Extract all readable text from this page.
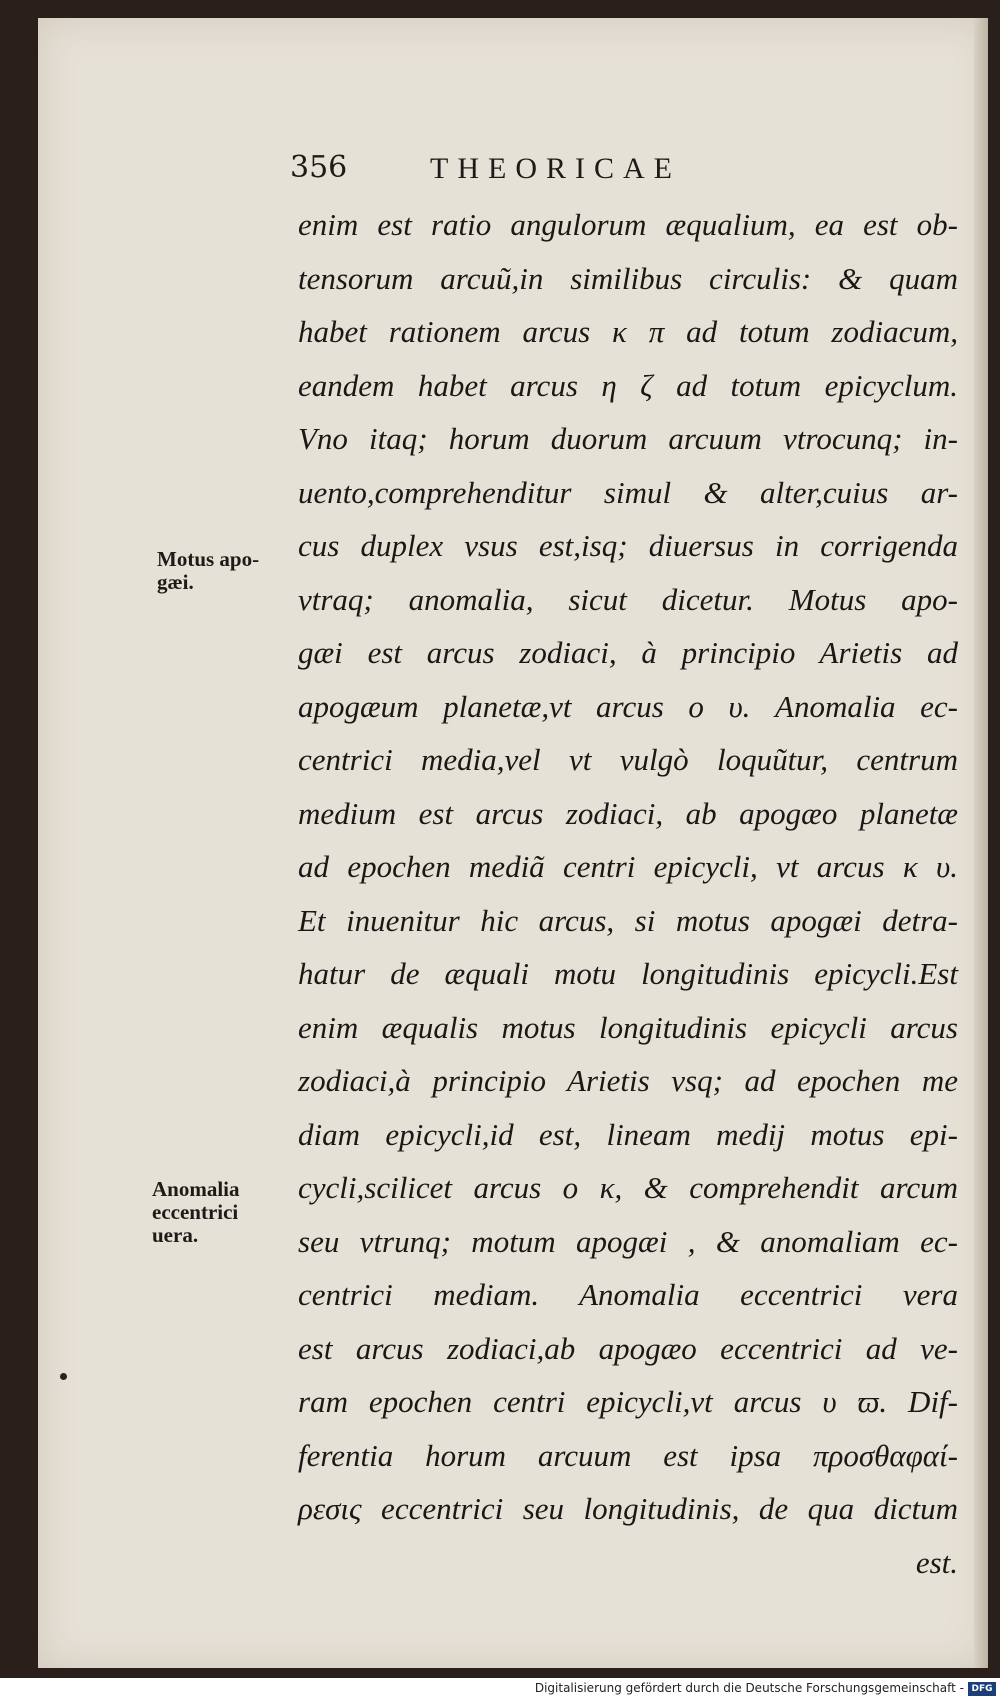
356	THEORICAE
Motus apo-
gæi.
Anomalia
eccentrici
uera.
enim est ratio angulorum æqualium, ea est ob-
tensorum arcuũ,in similibus circulis: & quam
habet rationem arcus κ π ad totum zodiacum,
eandem habet arcus η ζ ad totum epicyclum.
Vno itaq; horum duorum arcuum vtrocunq; in-
uento,comprehenditur simul & alter,cuius ar-
cus duplex vsus est,isq; diuersus in corrigenda
vtraq; anomalia, sicut dicetur. Motus apo-
gæi est arcus zodiaci, à principio Arietis ad
apogæum planetæ,vt arcus ο υ. Anomalia ec-
centrici media,vel vt vulgò loquũtur, centrum
medium est arcus zodiaci, ab apogæo planetæ
ad epochen mediã centri epicycli, vt arcus κ υ.
Et inuenitur hic arcus, si motus apogæi detra-
hatur de æquali motu longitudinis epicycli.Est
enim æqualis motus longitudinis epicycli arcus
zodiaci,à principio Arietis vsq; ad epochen me
diam epicycli,id est, lineam medij motus epi-
cycli,scilicet arcus ο κ, & comprehendit arcum
seu vtrunq; motum apogæi , & anomaliam ec-
centrici mediam. Anomalia eccentrici vera
est arcus zodiaci,ab apogæo eccentrici ad ve-
ram epochen centri epicycli,vt arcus υ ϖ. Dif-
ferentia horum arcuum est ipsa προσθαφαί-
ρεσις eccentrici seu longitudinis, de qua dictum
est.
Digitalisierung gefördert durch die Deutsche Forschungsgemeinschaft - DFG
